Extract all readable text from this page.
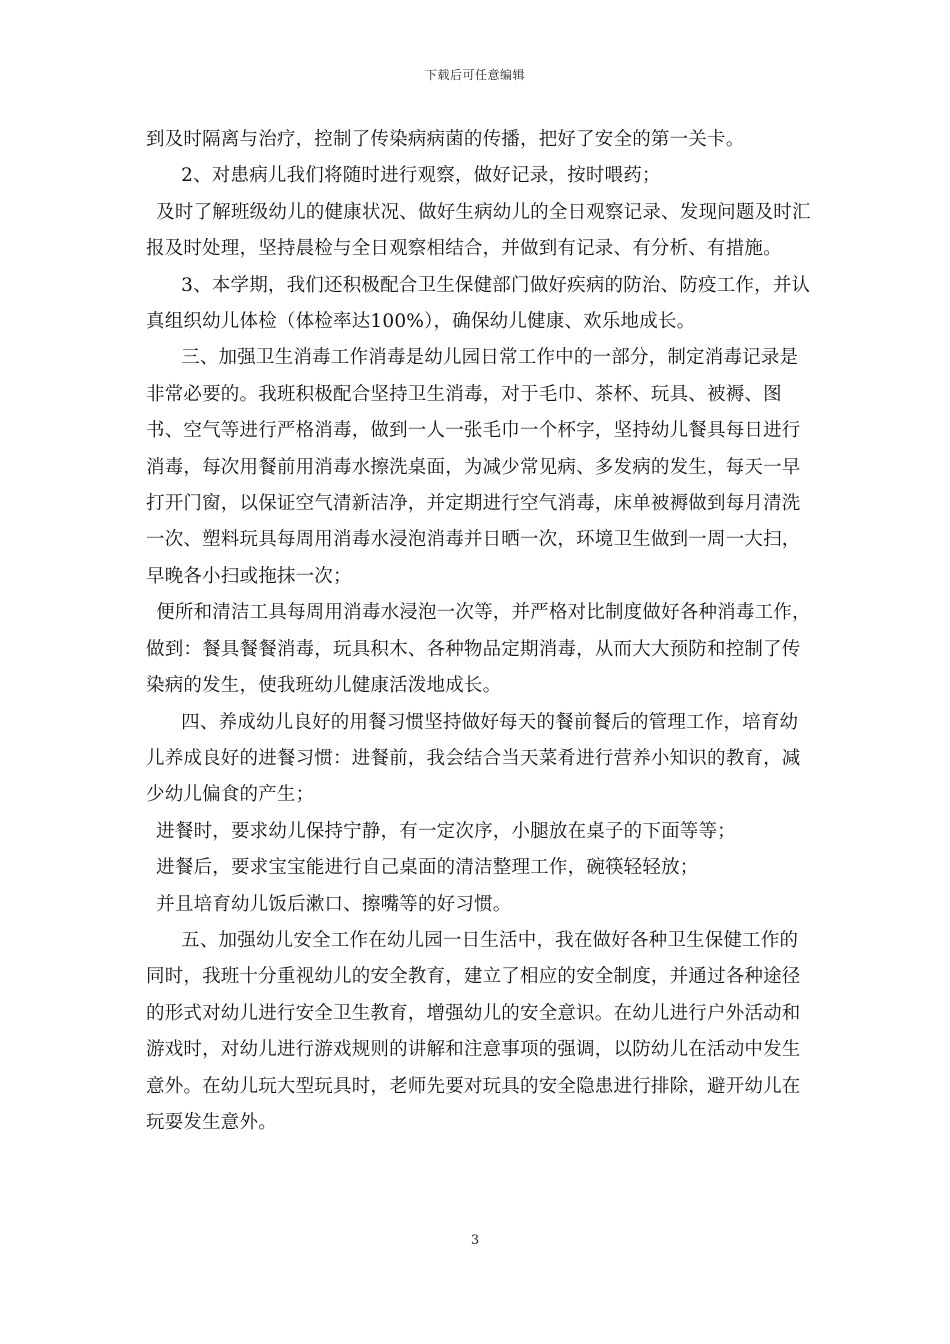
下载后可任意编辑

到及时隔离与治疗，控制了传染病病菌的传播，把好了安全的第一关卡。

2、对患病儿我们将随时进行观察，做好记录，按时喂药；

及时了解班级幼儿的健康状况、做好生病幼儿的全日观察记录、发现问题及时汇报及时处理，坚持晨检与全日观察相结合，并做到有记录、有分析、有措施。

3、本学期，我们还积极配合卫生保健部门做好疾病的防治、防疫工作，并认真组织幼儿体检（体检率达100%），确保幼儿健康、欢乐地成长。

三、加强卫生消毒工作消毒是幼儿园日常工作中的一部分，制定消毒记录是非常必要的。我班积极配合坚持卫生消毒，对于毛巾、茶杯、玩具、被褥、图书、空气等进行严格消毒，做到一人一张毛巾一个杯字，坚持幼儿餐具每日进行消毒，每次用餐前用消毒水擦洗桌面，为减少常见病、多发病的发生，每天一早打开门窗，以保证空气清新洁净，并定期进行空气消毒，床单被褥做到每月清洗一次、塑料玩具每周用消毒水浸泡消毒并日晒一次，环境卫生做到一周一大扫，早晚各小扫或拖抹一次；

便所和清洁工具每周用消毒水浸泡一次等，并严格对比制度做好各种消毒工作，做到：餐具餐餐消毒，玩具积木、各种物品定期消毒，从而大大预防和控制了传染病的发生，使我班幼儿健康活泼地成长。

四、养成幼儿良好的用餐习惯坚持做好每天的餐前餐后的管理工作，培育幼儿养成良好的进餐习惯：进餐前，我会结合当天菜肴进行营养小知识的教育，减少幼儿偏食的产生；

进餐时，要求幼儿保持宁静，有一定次序，小腿放在桌子的下面等等；

进餐后，要求宝宝能进行自己桌面的清洁整理工作，碗筷轻轻放；

并且培育幼儿饭后漱口、擦嘴等的好习惯。

五、加强幼儿安全工作在幼儿园一日生活中，我在做好各种卫生保健工作的同时，我班十分重视幼儿的安全教育，建立了相应的安全制度，并通过各种途径的形式对幼儿进行安全卫生教育，增强幼儿的安全意识。在幼儿进行户外活动和游戏时，对幼儿进行游戏规则的讲解和注意事项的强调，以防幼儿在活动中发生意外。在幼儿玩大型玩具时，老师先要对玩具的安全隐患进行排除，避开幼儿在玩耍发生意外。

3
